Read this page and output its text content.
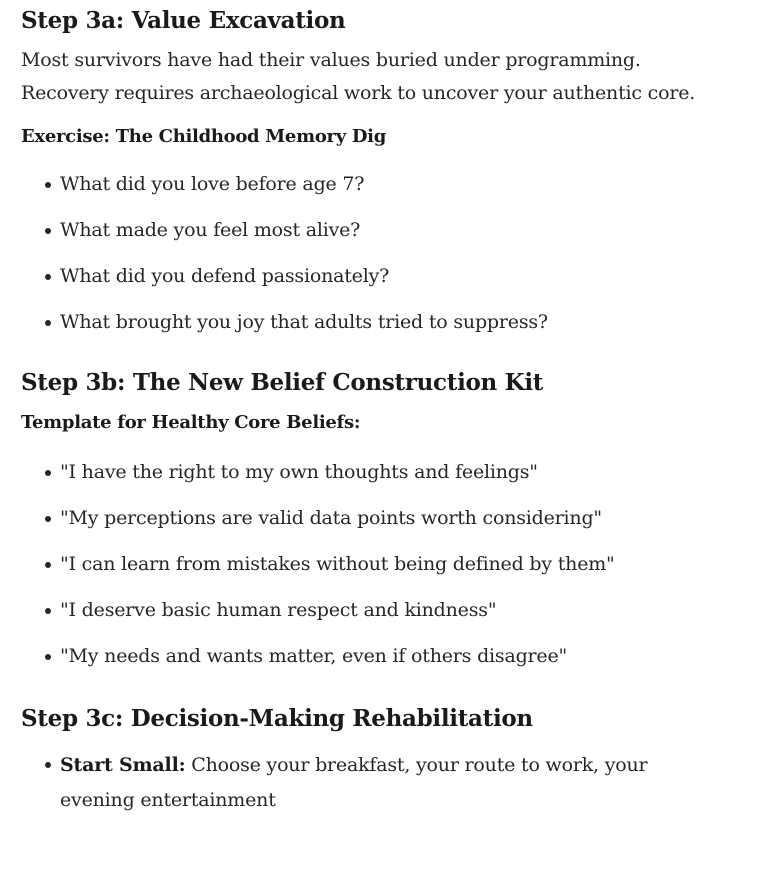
Step 3a: Value Excavation

Most survivors have had their values buried under programming.
Recovery requires archaeological work to uncover your authentic core.

Exercise: The Childhood Memory Dig
What did you love before age 7?
What made you feel most alive?
What did you defend passionately?
What brought you joy that adults tried to suppress?
Step 3b: The New Belief Construction Kit
Template for Healthy Core Beliefs:
"I have the right to my own thoughts and feelings"
"My perceptions are valid data points worth considering"
"I can learn from mistakes without being defined by them"
"I deserve basic human respect and kindness"
"My needs and wants matter, even if others disagree"
Step 3c: Decision-Making Rehabilitation
Start Small: Choose your breakfast, your route to work, your
evening entertainment
